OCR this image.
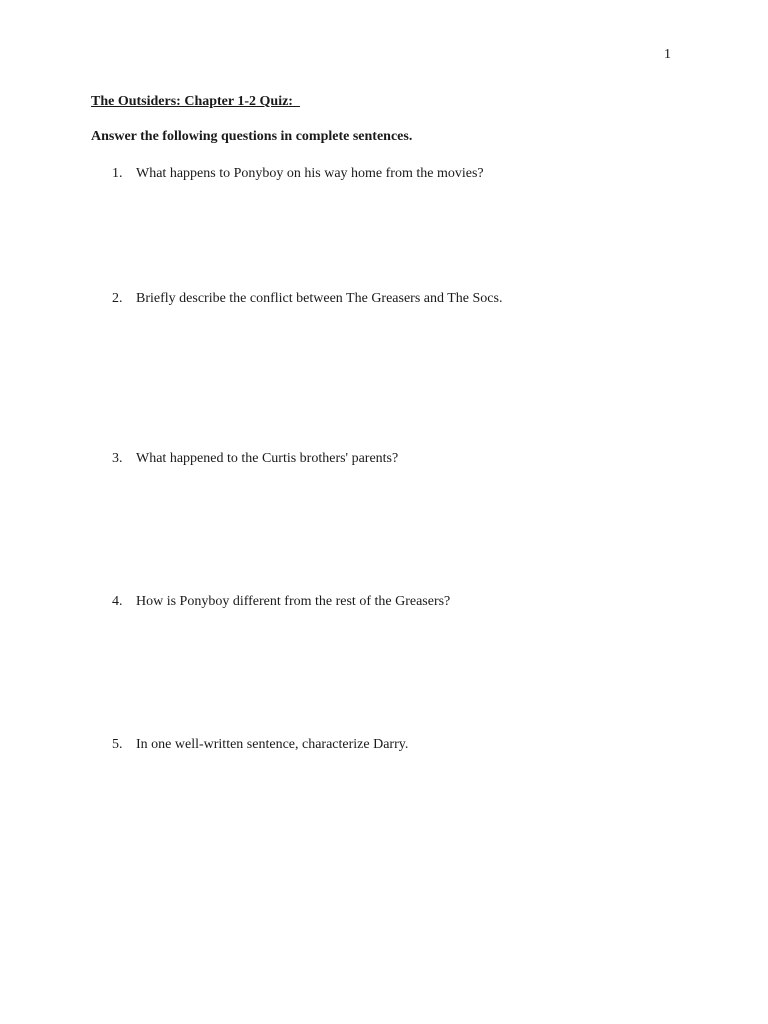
1
The Outsiders: Chapter 1-2 Quiz:
Answer the following questions in complete sentences.
1. What happens to Ponyboy on his way home from the movies?
2. Briefly describe the conflict between The Greasers and The Socs.
3. What happened to the Curtis brothers' parents?
4. How is Ponyboy different from the rest of the Greasers?
5. In one well-written sentence, characterize Darry.
